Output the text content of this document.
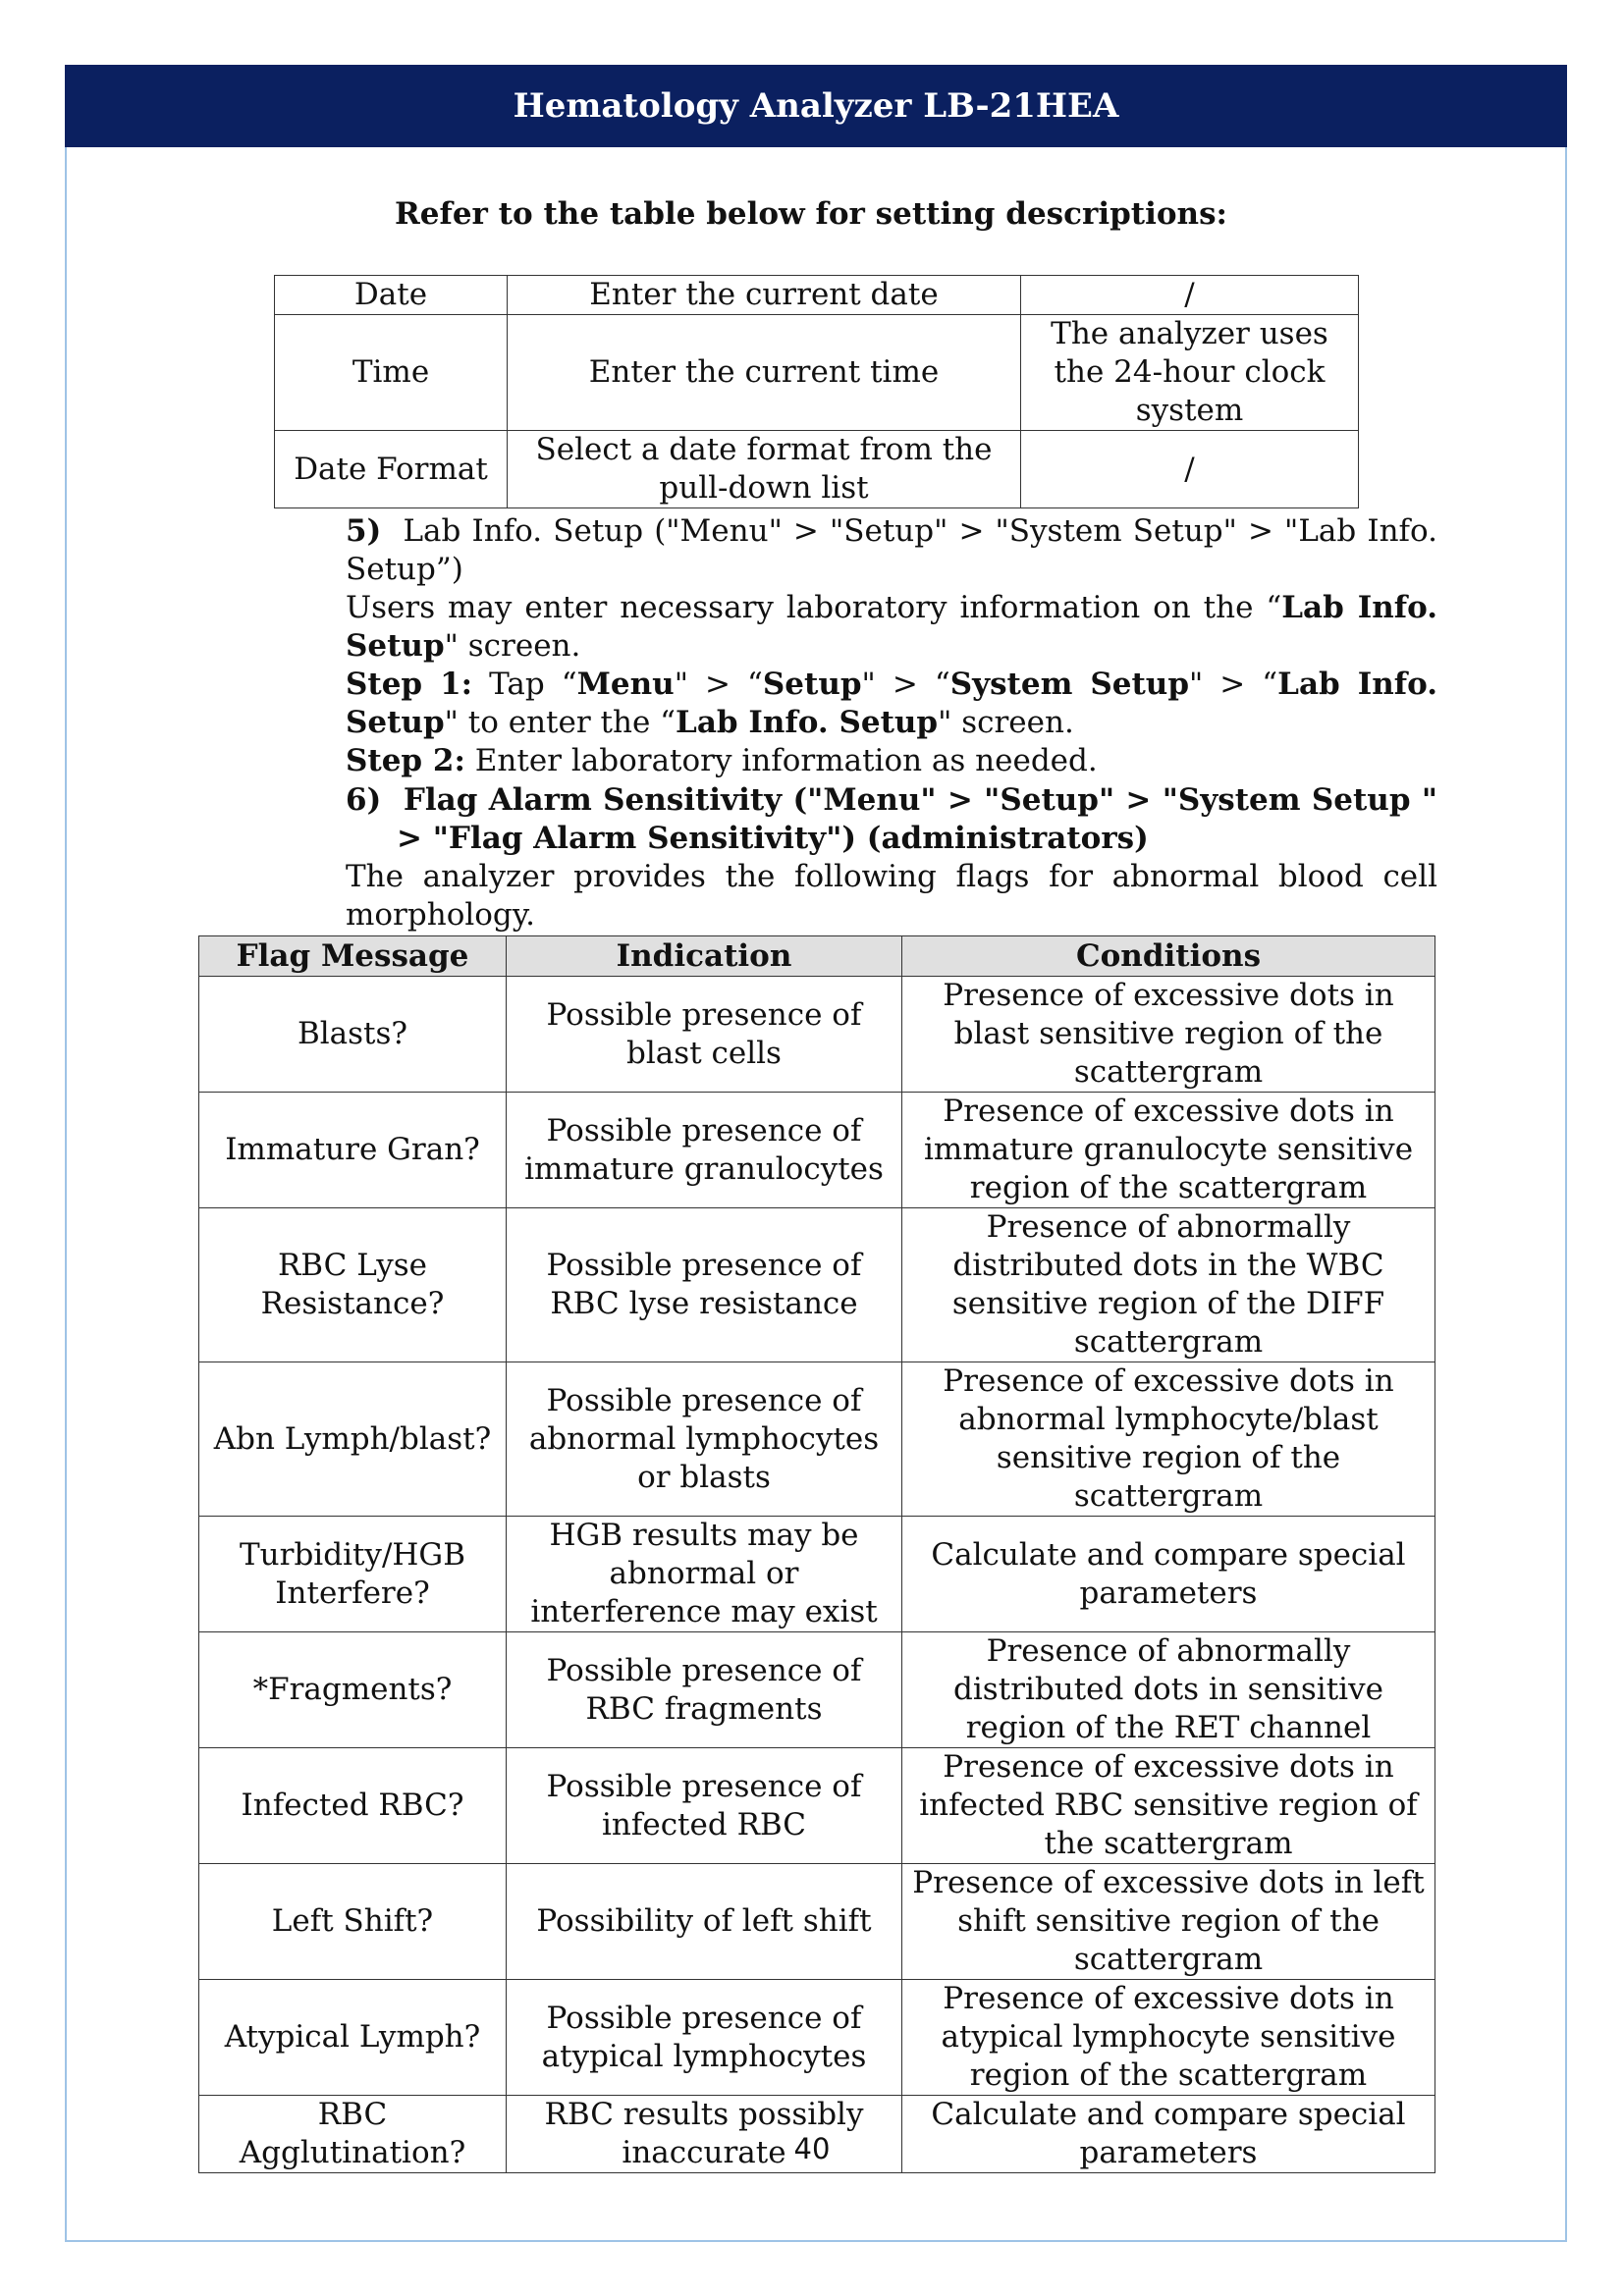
Hematology Analyzer LB-21HEA
Refer to the table below for setting descriptions:
Date	Enter the current date	/
Time	Enter the current time	The analyzer uses the 24-hour clock system
Date Format	Select a date format from the pull-down list	/

5) Lab Info. Setup ("Menu" > "Setup" > "System Setup" > "Lab Info. Setup”)

Users may enter necessary laboratory information on the “Lab Info. Setup" screen.

Step 1: Tap “Menu" > “Setup" > “System Setup" > “Lab Info. Setup" to enter the “Lab Info. Setup" screen.

Step 2: Enter laboratory information as needed.

6) Flag Alarm Sensitivity ("Menu" > "Setup" > "System Setup " > "Flag Alarm Sensitivity") (administrators)

The analyzer provides the following flags for abnormal blood cell morphology.

Flag Message	Indication	Conditions
Blasts?	Possible presence of blast cells	Presence of excessive dots in blast sensitive region of the scattergram
Immature Gran?	Possible presence of immature granulocytes	Presence of excessive dots in immature granulocyte sensitive region of the scattergram
RBC Lyse Resistance?	Possible presence of RBC lyse resistance	Presence of abnormally distributed dots in the WBC sensitive region of the DIFF scattergram
Abn Lymph/blast?	Possible presence of abnormal lymphocytes or blasts	Presence of excessive dots in abnormal lymphocyte/blast sensitive region of the scattergram
Turbidity/HGB Interfere?	HGB results may be abnormal or interference may exist	Calculate and compare special parameters
*Fragments?	Possible presence of RBC fragments	Presence of abnormally distributed dots in sensitive region of the RET channel
Infected RBC?	Possible presence of infected RBC	Presence of excessive dots in infected RBC sensitive region of the scattergram
Left Shift?	Possibility of left shift	Presence of excessive dots in left shift sensitive region of the scattergram
Atypical Lymph?	Possible presence of atypical lymphocytes	Presence of excessive dots in atypical lymphocyte sensitive region of the scattergram
RBC Agglutination?	RBC results possibly inaccurate	Calculate and compare special parameters
40
